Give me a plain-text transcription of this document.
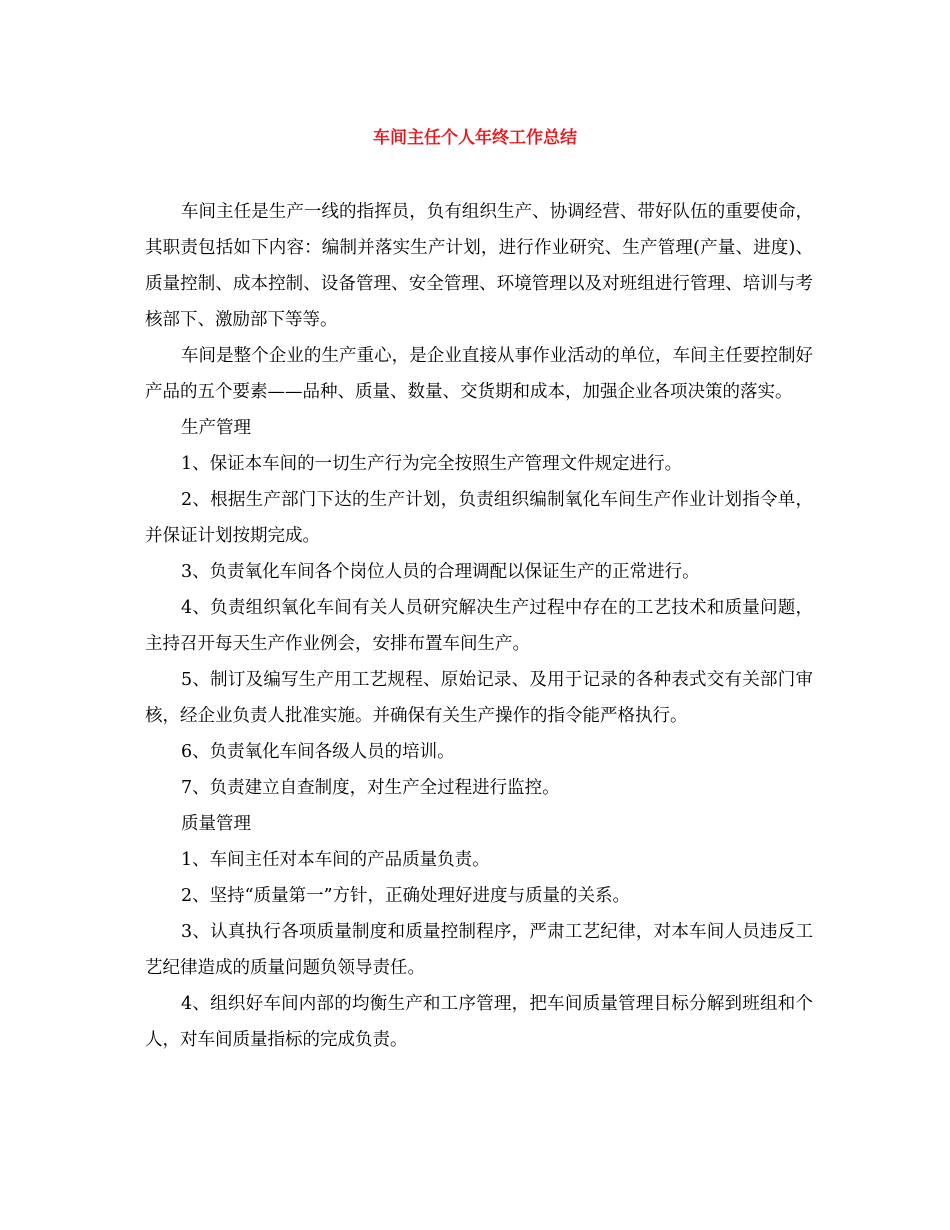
车间主任个人年终工作总结

车间主任是生产一线的指挥员，负有组织生产、协调经营、带好队伍的重要使命，其职责包括如下内容：编制并落实生产计划，进行作业研究、生产管理(产量、进度)、质量控制、成本控制、设备管理、安全管理、环境管理以及对班组进行管理、培训与考核部下、激励部下等等。

车间是整个企业的生产重心，是企业直接从事作业活动的单位，车间主任要控制好产品的五个要素——品种、质量、数量、交货期和成本，加强企业各项决策的落实。

生产管理

1、保证本车间的一切生产行为完全按照生产管理文件规定进行。

2、根据生产部门下达的生产计划，负责组织编制氧化车间生产作业计划指令单，并保证计划按期完成。

3、负责氧化车间各个岗位人员的合理调配以保证生产的正常进行。

4、负责组织氧化车间有关人员研究解决生产过程中存在的工艺技术和质量问题，主持召开每天生产作业例会，安排布置车间生产。

5、制订及编写生产用工艺规程、原始记录、及用于记录的各种表式交有关部门审核，经企业负责人批准实施。并确保有关生产操作的指令能严格执行。

6、负责氧化车间各级人员的培训。

7、负责建立自查制度，对生产全过程进行监控。

质量管理

1、车间主任对本车间的产品质量负责。

2、坚持“质量第一”方针，正确处理好进度与质量的关系。

3、认真执行各项质量制度和质量控制程序，严肃工艺纪律，对本车间人员违反工艺纪律造成的质量问题负领导责任。

4、组织好车间内部的均衡生产和工序管理，把车间质量管理目标分解到班组和个人，对车间质量指标的完成负责。
